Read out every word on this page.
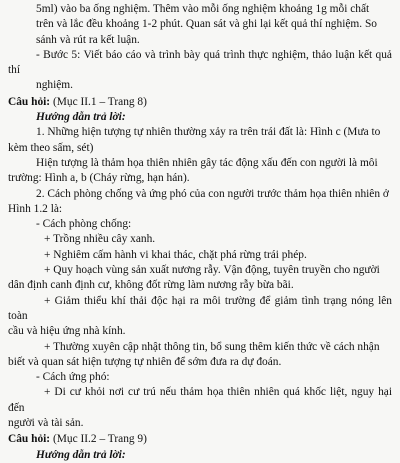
5ml) vào ba ống nghiệm. Thêm vào mỗi ống nghiệm khoảng 1g mỗi chất
trên và lắc đều khoảng 1-2 phút. Quan sát và ghi lại kết quả thí nghiệm. So
sánh và rút ra kết luận.

- Bước 5: Viết báo cáo và trình bày quá trình thực nghiệm, thảo luận kết quả thí
nghiệm.

Câu hỏi: (Mục II.1 – Trang 8)

Hướng dẫn trả lời:

1. Những hiện tượng tự nhiên thường xảy ra trên trái đất là: Hình c (Mưa to
kèm theo sấm, sét)

Hiện tượng là thảm họa thiên nhiên gây tác động xấu đến con người là môi
trường: Hình a, b (Cháy rừng, hạn hán).

2. Cách phòng chống và ứng phó của con người trước thảm họa thiên nhiên ở
Hình 1.2 là:

- Cách phòng chống:

+ Trồng nhiều cây xanh.

+ Nghiêm cấm hành vi khai thác, chặt phá rừng trái phép.

+ Quy hoạch vùng sản xuất nương rẫy. Vận động, tuyên truyền cho người
dân định canh định cư, không đốt rừng làm nương rẫy bừa bãi.

+ Giảm thiểu khí thải độc hại ra môi trường để giảm tình trạng nóng lên toàn
cầu và hiệu ứng nhà kính.

+ Thường xuyên cập nhật thông tin, bổ sung thêm kiến thức về cách nhận
biết và quan sát hiện tượng tự nhiên để sớm đưa ra dự đoán.

- Cách ứng phó:

+ Di cư khỏi nơi cư trú nếu thảm họa thiên nhiên quá khốc liệt, nguy hại đến
người và tài sản.

Câu hỏi: (Mục II.2 – Trang 9)

Hướng dẫn trả lời:
